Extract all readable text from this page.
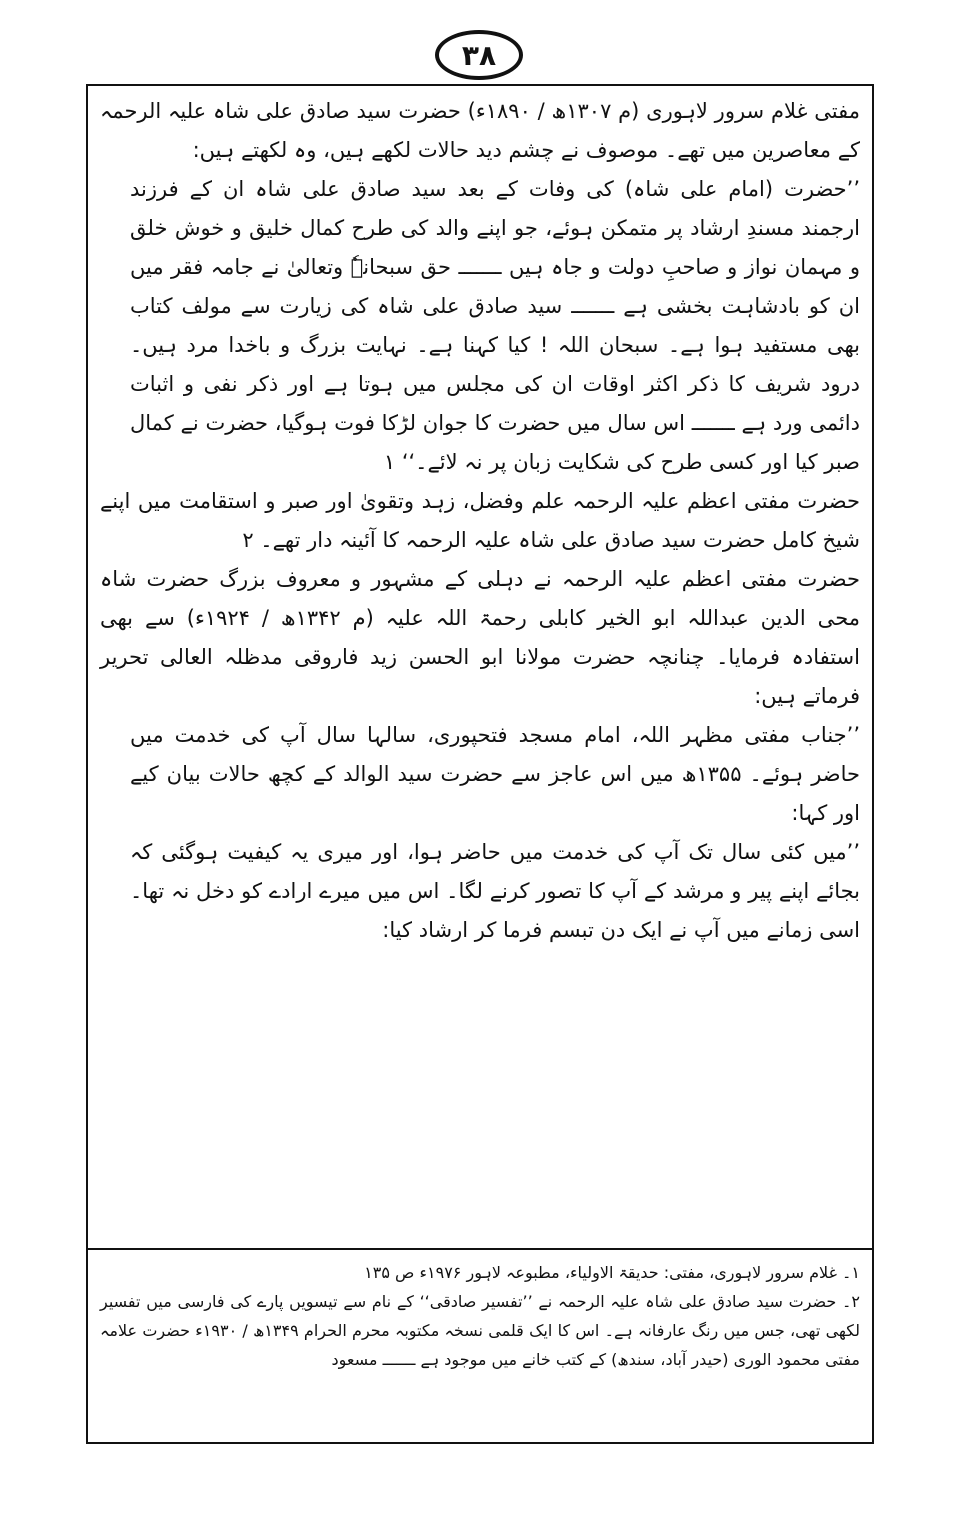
۳۸

مفتی غلام سرور لاہوری (م ۱۳۰۷ھ / ۱۸۹۰ء) حضرت سید صادق علی شاہ علیہ الرحمہ کے معاصرین میں تھے۔ موصوف نے چشم دید حالات لکھے ہیں، وہ لکھتے ہیں:

’’حضرت (امام علی شاہ) کی وفات کے بعد سید صادق علی شاہ ان کے فرزند ارجمند مسندِ ارشاد پر متمکن ہوئے، جو اپنے والد کی طرح کمال خلیق و خوش خلق و مہمان نواز و صاحبِ دولت و جاہ ہیں ـــــــ حق سبحانہٗ وتعالیٰ نے جامہ فقر میں ان کو بادشاہت بخشی ہے ـــــــ سید صادق علی شاہ کی زیارت سے مولف کتاب بھی مستفید ہوا ہے۔ سبحان اللہ ! کیا کہنا ہے۔ نہایت بزرگ و باخدا مرد ہیں۔ درود شریف کا ذکر اکثر اوقات ان کی مجلس میں ہوتا ہے اور ذکر نفی و اثبات دائمی ورد ہے ـــــــ اس سال میں حضرت کا جوان لڑکا فوت ہوگیا، حضرت نے کمال صبر کیا اور کسی طرح کی شکایت زبان پر نہ لائے۔‘‘ ۱

حضرت مفتی اعظم علیہ الرحمہ علم وفضل، زہد وتقویٰ اور صبر و استقامت میں اپنے شیخ کامل حضرت سید صادق علی شاہ علیہ الرحمہ کا آئینہ دار تھے۔ ۲

حضرت مفتی اعظم علیہ الرحمہ نے دہلی کے مشہور و معروف بزرگ حضرت شاہ محی الدین عبداللہ ابو الخیر کابلی رحمۃ اللہ علیہ (م ۱۳۴۲ھ / ۱۹۲۴ء) سے بھی استفادہ فرمایا۔ چنانچہ حضرت مولانا ابو الحسن زید فاروقی مدظلہ العالی تحریر فرماتے ہیں:

’’جناب مفتی مظہر اللہ، امام مسجد فتحپوری، سالہا سال آپ کی خدمت میں حاضر ہوئے۔ ۱۳۵۵ھ میں اس عاجز سے حضرت سید الوالد کے کچھ حالات بیان کیے اور کہا:

’’میں کئی سال تک آپ کی خدمت میں حاضر ہوا، اور میری یہ کیفیت ہوگئی کہ بجائے اپنے پیر و مرشد کے آپ کا تصور کرنے لگا۔ اس میں میرے ارادے کو دخل نہ تھا۔ اسی زمانے میں آپ نے ایک دن تبسم فرما کر ارشاد کیا:

۱۔ غلام سرور لاہوری، مفتی: حدیقۃ الاولیاء، مطبوعہ لاہور ۱۹۷۶ء ص ۱۳۵

۲۔ حضرت سید صادق علی شاہ علیہ الرحمہ نے ’’تفسیر صادقی‘‘ کے نام سے تیسویں پارے کی فارسی میں تفسیر لکھی تھی، جس میں رنگ عارفانہ ہے۔ اس کا ایک قلمی نسخہ مکتوبہ محرم الحرام ۱۳۴۹ھ / ۱۹۳۰ء حضرت علامہ مفتی محمود الوری (حیدر آباد، سندھ) کے کتب خانے میں موجود ہے ـــــــ مسعود
